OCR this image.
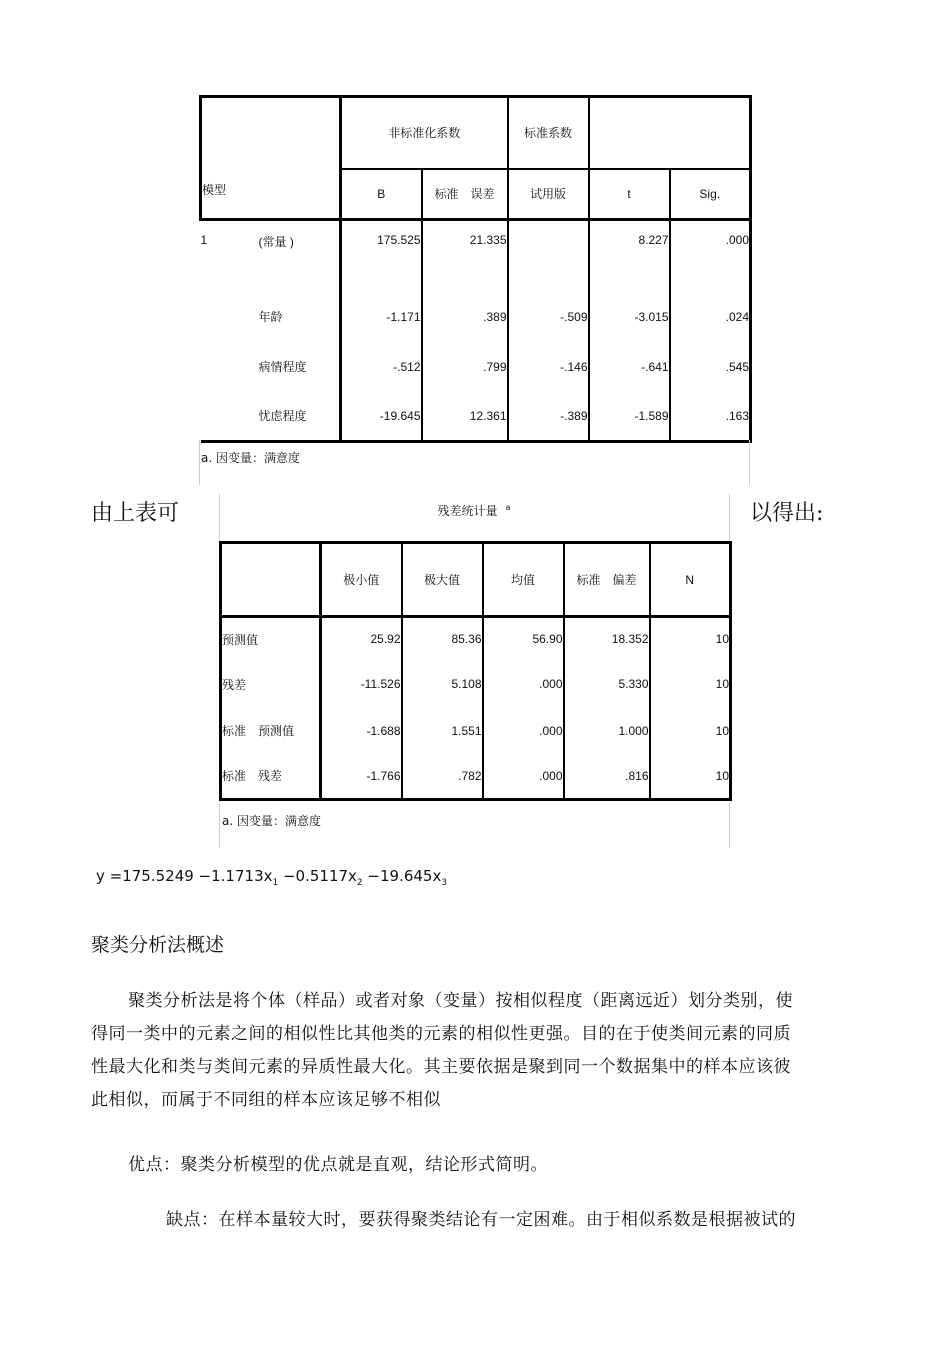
模型		非标准化系数		标准系数		
		B	标准　误差	试用版	t	Sig.
1	(常量 )	175.525	21.335		8.227	.000
	年龄	-1.171	.389	-.509	-3.015	.024
	病情程度	-.512	.799	-.146	-.641	.545
	忧虑程度	-19.645	12.361	-.389	-1.589	.163
a. 因变量：满意度
由上表可	以得出:
残差统计量 $^a$
	极小值	极大值	均值	标准　偏差	N
预测值	25.92	85.36	56.90	18.352	10
残差	-11.526	5.108	.000	5.330	10
标准　预测值	-1.688	1.551	.000	1.000	10
标准　残差	-1.766	.782	.000	.816	10
a. 因变量：满意度
$y =175.5249 -1.1713x_1 -0.5117x_2 -19.645x_3$
聚类分析法概述
聚类分析法是将个体（样品）或者对象（变量）按相似程度（距离远近）划分类别，使
得同一类中的元素之间的相似性比其他类的元素的相似性更强。目的在于使类间元素的同质
性最大化和类与类间元素的异质性最大化。其主要依据是聚到同一个数据集中的样本应该彼
此相似，而属于不同组的样本应该足够不相似
优点：聚类分析模型的优点就是直观，结论形式简明。
缺点：在样本量较大时，要获得聚类结论有一定困难。由于相似系数是根据被试的
